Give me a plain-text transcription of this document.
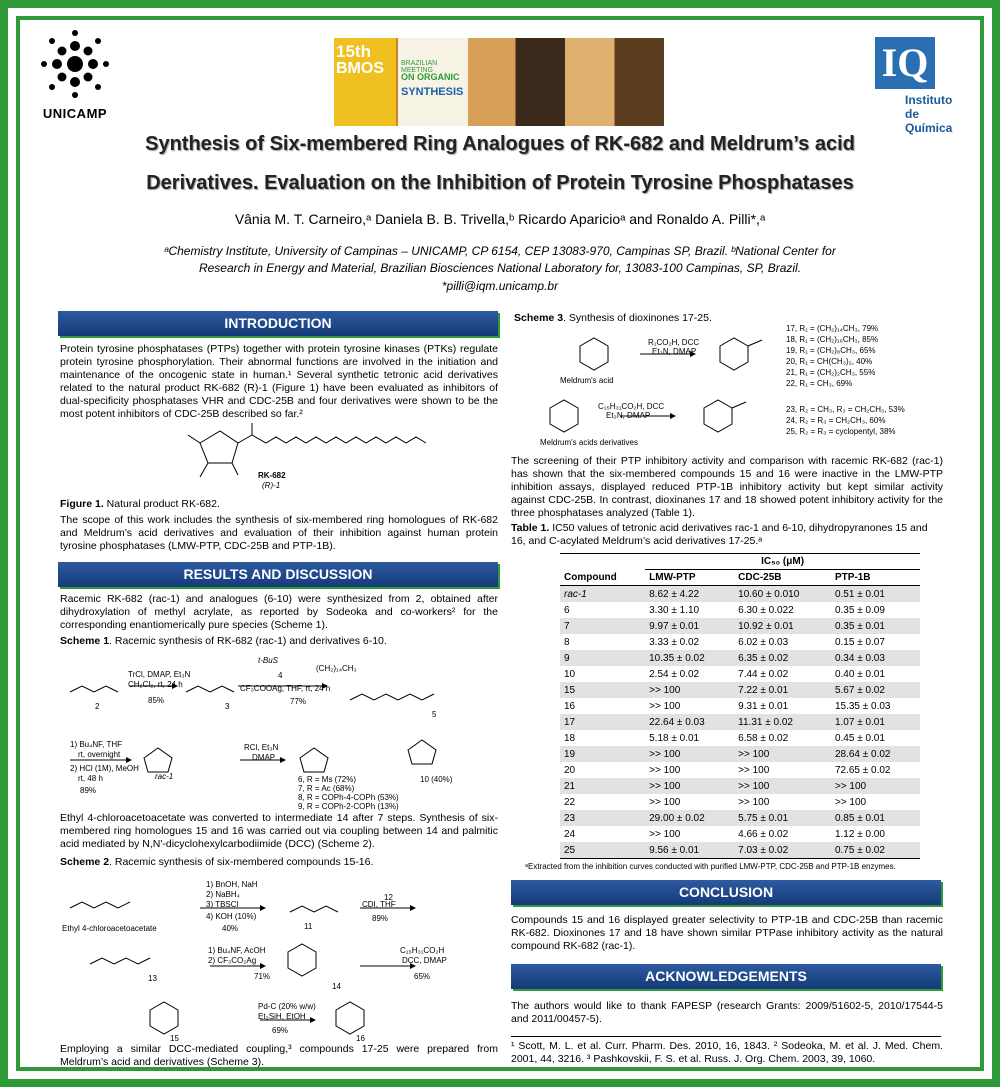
UNICAMP
15th
BMOS BRAZILIAN MEETING
ON ORGANIC
SYNTHESIS
IQ
Instituto
de Química
Synthesis of Six-membered Ring Analogues of RK-682 and Meldrum’s acid
Derivatives. Evaluation on the Inhibition of Protein Tyrosine Phosphatases
Vânia M. T. Carneiro,ᵃ Daniela B. B. Trivella,ᵇ Ricardo Aparicioᵃ and Ronaldo A. Pilli*,ᵃ
ᵃChemistry Institute, University of Campinas – UNICAMP, CP 6154, CEP 13083-970, Campinas SP, Brazil. ᵇNational Center for
Research in Energy and Material, Brazilian Biosciences National Laboratory for, 13083-100 Campinas, SP, Brazil.
*pilli@iqm.unicamp.br
INTRODUCTION
Protein tyrosine phosphatases (PTPs) together with protein tyrosine kinases (PTKs) regulate protein tyrosine phosphorylation. Their abnormal functions are involved in the initiation and maintenance of the oncogenic state in human.¹ Several synthetic tetronic acid derivatives related to the natural product RK-682 (R)-1 (Figure 1) have been evaluated as inhibitors of dual-specificity phosphatases VHR and CDC-25B and four derivatives were shown to be the most potent inhibitors of CDC-25B described so far.²
RK-682
(R)-1
Figure 1. Natural product RK-682.
The scope of this work includes the synthesis of six-membered ring homologues of RK-682 and Meldrum’s acid derivatives and evaluation of their inhibition against human protein tyrosine phosphatases (LMW-PTP, CDC-25B and PTP-1B).
RESULTS AND DISCUSSION
Racemic RK-682 (rac-1) and analogues (6-10) were synthesized from 2, obtained after dihydroxylation of methyl acrylate, as reported by Sodeoka and co-workers² for the corresponding enantiomerically pure species (Scheme 1).
Scheme 1. Racemic synthesis of RK-682 (rac-1) and derivatives 6-10.
2	3
4
5
rac-1
TrCl, DMAP, Et₃N
CH₂Cl₂, rt, 24 h
85%
t-BuS
(CH₂)₁₄CH₃
CF₃COOAg, THF, rt, 24 h
77%
1) Bu₄NF, THF
rt, overnight
2) HCl (1M), MeOH
rt, 48 h
89%
RCl, Et₃N
DMAP
6, R = Ms (72%)
7, R = Ac (68%)
8, R = COPh-4-COPh (53%)
9, R = COPh-2-COPh (13%)
10 (40%)
Ethyl 4-chloroacetoacetate was converted to intermediate 14 after 7 steps. Synthesis of six-membered ring homologues 15 and 16 was carried out via coupling between 14 and palmitic acid mediated by N,N'-dicyclohexylcarbodiimide (DCC) (Scheme 2).
Scheme 2. Racemic synthesis of six-membered compounds 15-16.
Ethyl 4-chloroacetoacetate
1) BnOH, NaH
2) NaBH₄
3) TBSCl
4) KOH (10%)
40%	11
12
CDI, THF
89%
13
1) Bu₄NF, AcOH
2) CF₃CO₂Ag
71%
14
C₁₅H₃₁CO₂H
DCC, DMAP
65%
15
Pd-C (20% w/w)
Et₃SiH, EtOH
69%
16
Employing a similar DCC-mediated coupling,³ compounds 17-25 were prepared from Meldrum’s acid and derivatives (Scheme 3).
Scheme 3. Synthesis of dioxinones 17-25.
R₁CO₂H, DCC
Et₃N, DMAP
Meldrum's acid
17, R₁ = (CH₂)₁₄CH₃, 79%
18, R₁ = (CH₂)₁₆CH₃, 85%
19, R₁ = (CH₂)₈CH₃, 65%
20, R₁ = CH(CH₃)₂, 40%
21, R₁ = (CH₂)₂CH₃, 55%
22, R₁ = CH₃, 69%
C₁₅H₃₁CO₂H, DCC
Et₃N, DMAP
Meldrum's acids derivatives
23, R₂ = CH₃, R₃ = CH₂CH₃, 53%
24, R₂ = R₃ = CH₂CH₃, 60%
25, R₂ = R₃ = cyclopentyl, 38%
The screening of their PTP inhibitory activity and comparison with racemic RK-682 (rac-1) has shown that the six-membered compounds 15 and 16 were inactive in the LMW-PTP inhibition assays, displayed reduced PTP-1B inhibitory activity but kept similar activity against CDC-25B. In contrast, dioxinanes 17 and 18 showed potent inhibitory activity for the three phosphatases analyzed (Table 1).
Table 1. IC50 values of tetronic acid derivatives rac-1 and 6-10, dihydropyranones 15 and 16, and C-acylated Meldrum’s acid derivatives 17-25.ᵃ
	IC₅₀ (μM)		
Compound	LMW-PTP	CDC-25B	PTP-1B
rac-1	8.62 ± 4.22	10.60 ± 0.010	0.51 ± 0.01
6	3.30 ± 1.10	6.30 ± 0.022	0.35 ± 0.09
7	9.97 ± 0.01	10.92 ± 0.01	0.35 ± 0.01
8	3.33 ± 0.02	6.02 ± 0.03	0.15 ± 0.07
9	10.35 ± 0.02	6.35 ± 0.02	0.34 ± 0.03
10	2.54 ± 0.02	7.44 ± 0.02	0.40 ± 0.01
15	>> 100	7.22 ± 0.01	5.67 ± 0.02
16	>> 100	9.31 ± 0.01	15.35 ± 0.03
17	22.64 ± 0.03	11.31 ± 0.02	1.07 ± 0.01
18	5.18 ± 0.01	6.58 ± 0.02	0.45 ± 0.01
19	>> 100	>> 100	28.64 ± 0.02
20	>> 100	>> 100	72.65 ± 0.02
21	>> 100	>> 100	>> 100
22	>> 100	>> 100	>> 100
23	29.00 ± 0.02	5.75 ± 0.01	0.85 ± 0.01
24	>> 100	4.66 ± 0.02	1.12 ± 0.00
25	9.56 ± 0.01	7.03 ± 0.02	0.75 ± 0.02
ᵃExtracted from the inhibition curves conducted with purified LMW-PTP, CDC-25B and PTP-1B enzymes.
CONCLUSION
Compounds 15 and 16 displayed greater selectivity to PTP-1B and CDC-25B than racemic RK-682. Dioxinones 17 and 18 have shown similar PTPase inhibitory activity as the natural compound RK-682 (rac-1).
ACKNOWLEDGEMENTS
The authors would like to thank FAPESP (research Grants: 2009/51602-5, 2010/17544-5 and 2011/00457-5).
¹ Scott, M. L. et al. Curr. Pharm. Des. 2010, 16, 1843. ² Sodeoka, M. et al. J. Med. Chem. 2001, 44, 3216. ³ Pashkovskii, F. S. et al. Russ. J. Org. Chem. 2003, 39, 1060.
